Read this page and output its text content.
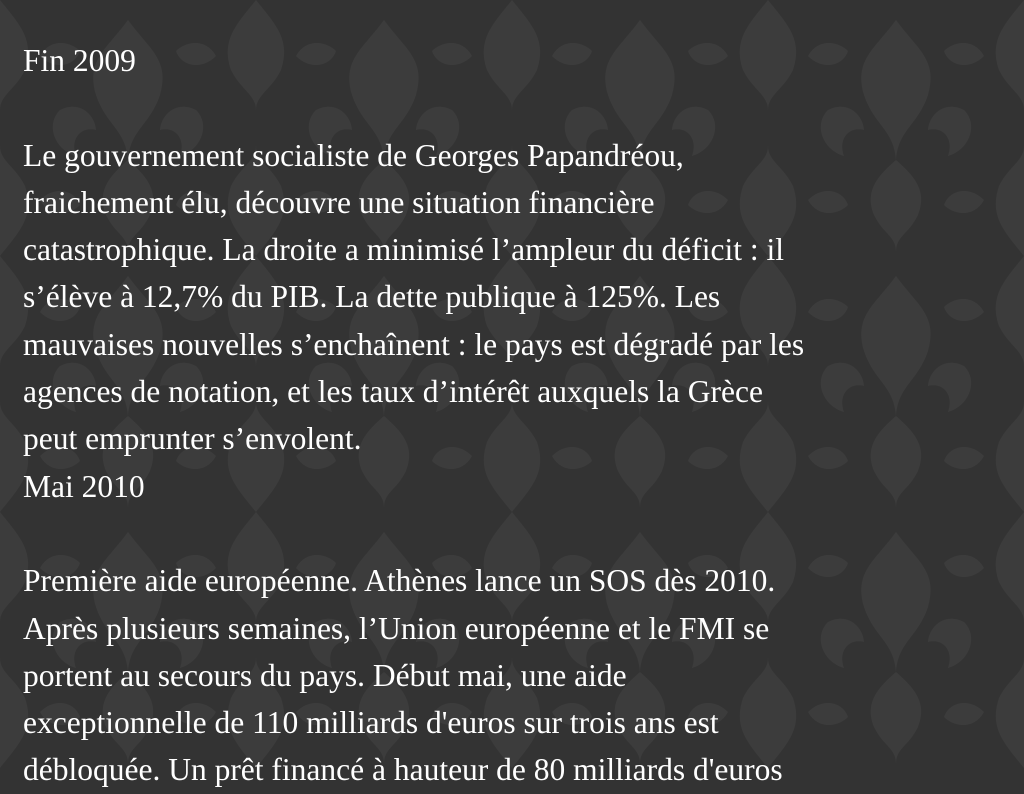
Fin 2009

Le gouvernement socialiste de Georges Papandréou,

fraichement élu, découvre une situation financière

catastrophique. La droite a minimisé l’ampleur du déficit : il

s’élève à 12,7% du PIB. La dette publique à 125%. Les

mauvaises nouvelles s’enchaînent : le pays est dégradé par les

agences de notation, et les taux d’intérêt auxquels la Grèce

peut emprunter s’envolent.

Mai 2010

Première aide européenne. Athènes lance un SOS dès 2010.

Après plusieurs semaines, l’Union européenne et le FMI se

portent au secours du pays. Début mai, une aide

exceptionnelle de 110 milliards d'euros sur trois ans est

débloquée. Un prêt financé à hauteur de 80 milliards d'euros
